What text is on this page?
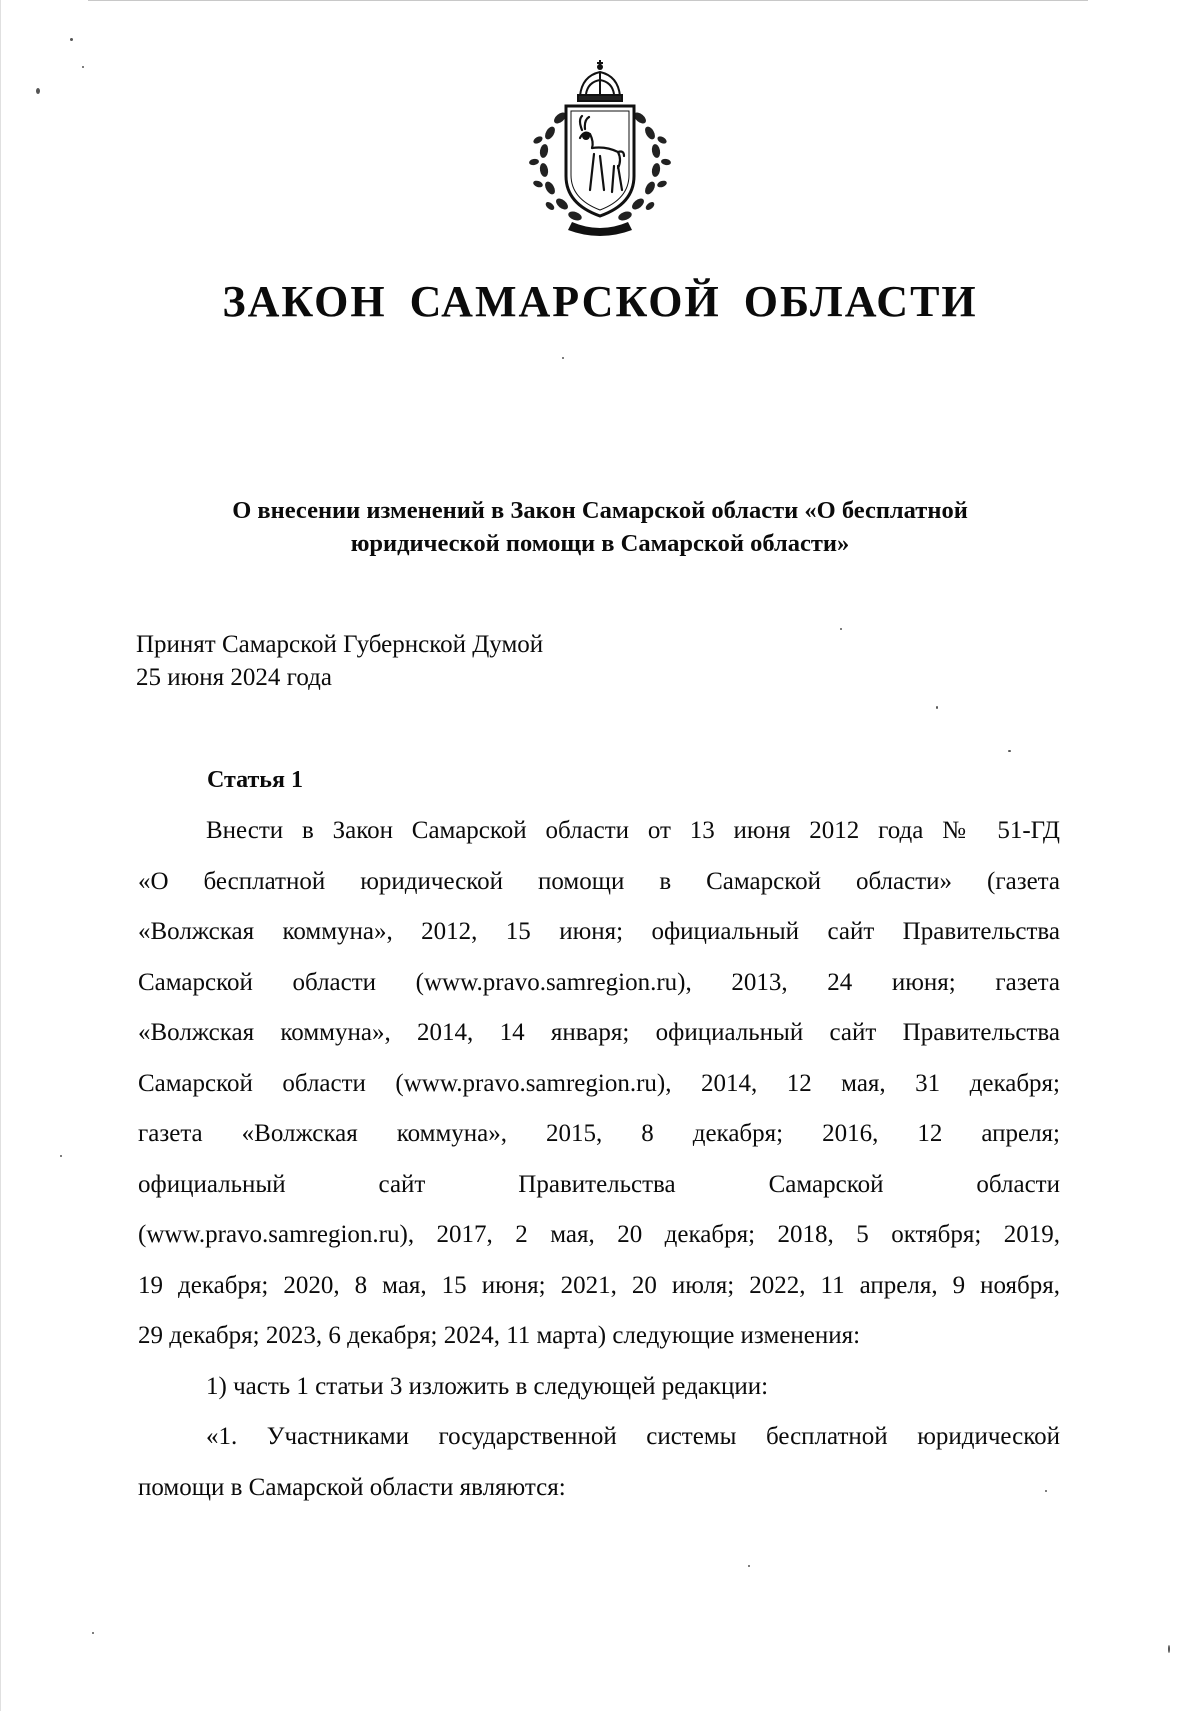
ЗАКОН САМАРСКОЙ ОБЛАСТИ
О внесении изменений в Закон Самарской области «О бесплатной
юридической помощи в Самарской области»
Принят Самарской Губернской Думой
25 июня 2024 года
Статья 1
Внести в Закон Самарской области от 13 июня 2012 года № 51-ГД
«О бесплатной юридической помощи в Самарской области» (газета
«Волжская коммуна», 2012, 15 июня; официальный сайт Правительства
Самарской области (www.pravo.samregion.ru), 2013, 24 июня; газета
«Волжская коммуна», 2014, 14 января; официальный сайт Правительства
Самарской области (www.pravo.samregion.ru), 2014, 12 мая, 31 декабря;
газета «Волжская коммуна», 2015, 8 декабря; 2016, 12 апреля;
официальный сайт Правительства Самарской области
(www.pravo.samregion.ru), 2017, 2 мая, 20 декабря; 2018, 5 октября; 2019,
19 декабря; 2020, 8 мая, 15 июня; 2021, 20 июля; 2022, 11 апреля, 9 ноября,
29 декабря; 2023, 6 декабря; 2024, 11 марта) следующие изменения:
1) часть 1 статьи 3 изложить в следующей редакции:
«1. Участниками государственной системы бесплатной юридической
помощи в Самарской области являются:
